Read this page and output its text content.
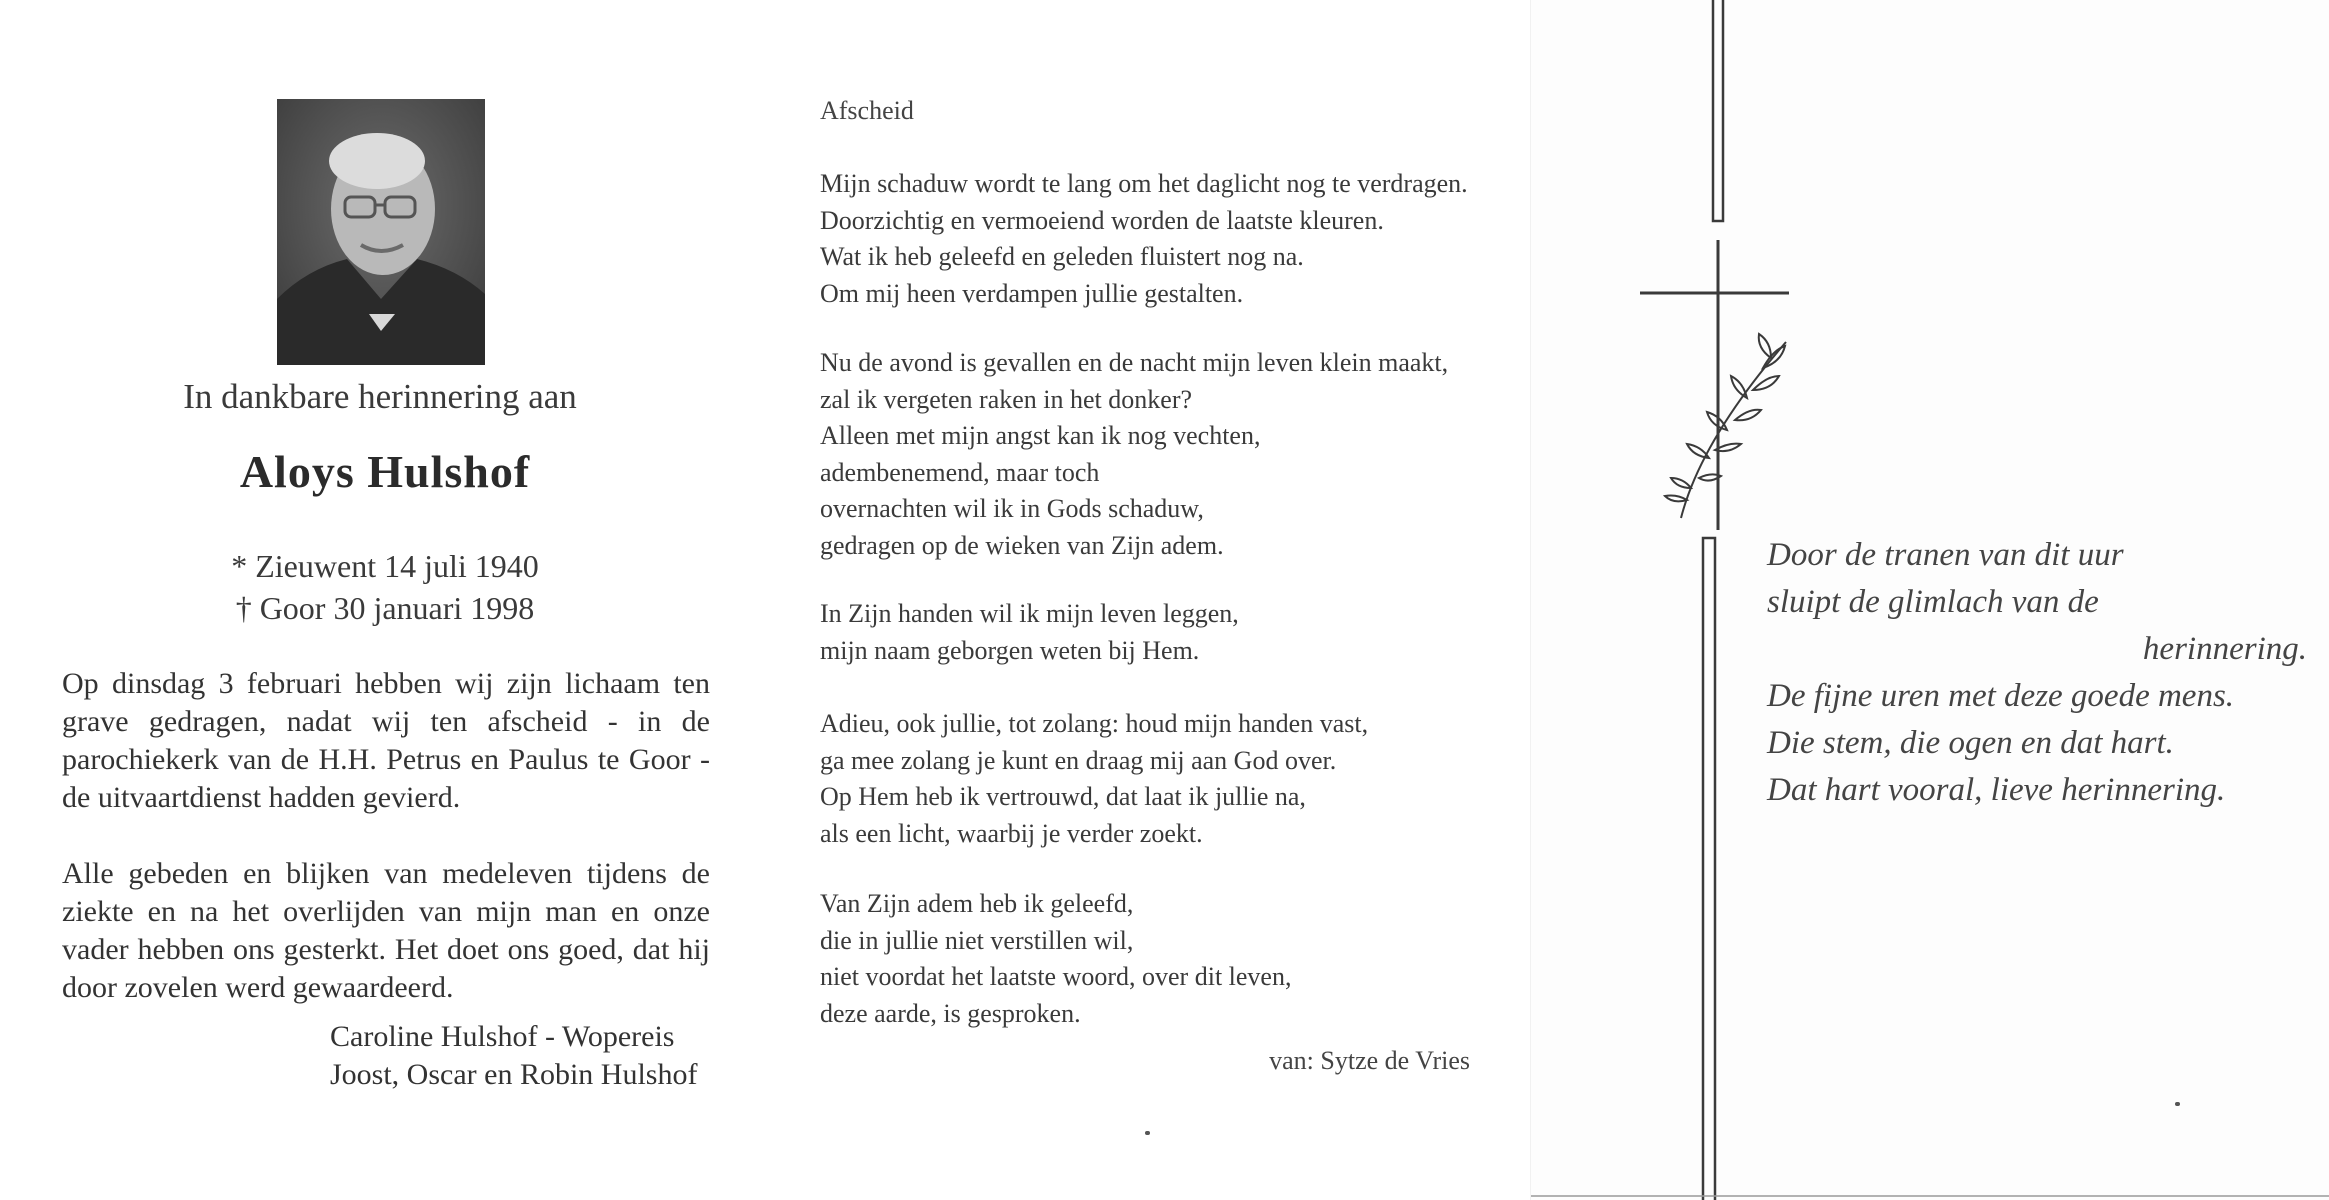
In dankbare herinnering aan
Aloys Hulshof
* Zieuwent 14 juli 1940
† Goor 30 januari 1998
Op dinsdag 3 februari hebben wij zijn lichaam ten grave gedragen, nadat wij ten afscheid - in de parochiekerk van de H.H. Petrus en Paulus te Goor - de uitvaartdienst hadden gevierd.
Alle gebeden en blijken van medeleven tijdens de ziekte en na het overlijden van mijn man en onze vader hebben ons gesterkt. Het doet ons goed, dat hij door zovelen werd gewaardeerd.
Caroline Hulshof - Wopereis
Joost, Oscar en Robin Hulshof
Afscheid
Mijn schaduw wordt te lang om het daglicht nog te verdragen.
Doorzichtig en vermoeiend worden de laatste kleuren.
Wat ik heb geleefd en geleden fluistert nog na.
Om mij heen verdampen jullie gestalten.
Nu de avond is gevallen en de nacht mijn leven klein maakt,
zal ik vergeten raken in het donker?
Alleen met mijn angst kan ik nog vechten,
adembenemend, maar toch
overnachten wil ik in Gods schaduw,
gedragen op de wieken van Zijn adem.
In Zijn handen wil ik mijn leven leggen,
mijn naam geborgen weten bij Hem.
Adieu, ook jullie, tot zolang: houd mijn handen vast,
ga mee zolang je kunt en draag mij aan God over.
Op Hem heb ik vertrouwd, dat laat ik jullie na,
als een licht, waarbij je verder zoekt.
Van Zijn adem heb ik geleefd,
die in jullie niet verstillen wil,
niet voordat het laatste woord, over dit leven,
deze aarde, is gesproken.
van: Sytze de Vries
Door de tranen van dit uur
sluipt de glimlach van de
herinnering.
De fijne uren met deze goede mens.
Die stem, die ogen en dat hart.
Dat hart vooral, lieve herinnering.
